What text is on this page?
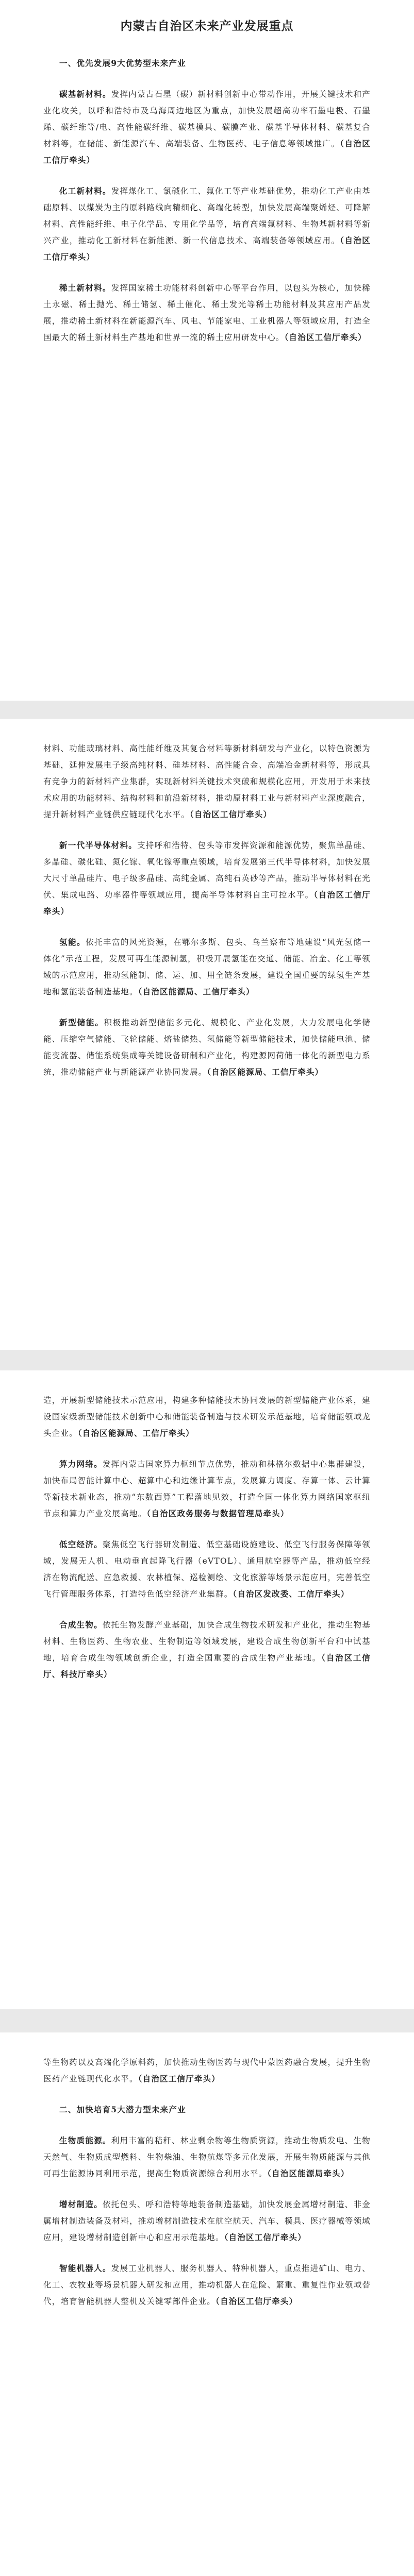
内蒙古自治区未来产业发展重点

一、优先发展9大优势型未来产业

碳基新材料。发挥内蒙古石墨（碳）新材料创新中心带动作用，开展关键技术和产业化攻关，以呼和浩特市及乌海周边地区为重点，加快发展超高功率石墨电极、石墨烯、碳纤维等/电、高性能碳纤维、碳基模具、碳膜产业、碳基半导体材料、碳基复合材料等，在储能、新能源汽车、高端装备、生物医药、电子信息等领域推广。（自治区工信厅牵头）

化工新材料。发挥煤化工、氯碱化工、氟化工等产业基础优势，推动化工产业由基础原料、以煤炭为主的原料路线向精细化、高端化转型，加快发展高端聚烯烃、可降解材料、高性能纤维、电子化学品、专用化学品等，培育高端氟材料、生物基新材料等新兴产业，推动化工新材料在新能源、新一代信息技术、高端装备等领域应用。（自治区工信厅牵头）

稀土新材料。发挥国家稀土功能材料创新中心等平台作用，以包头为核心，加快稀土永磁、稀土抛光、稀土储氢、稀土催化、稀土发光等稀土功能材料及其应用产品发展，推动稀土新材料在新能源汽车、风电、节能家电、工业机器人等领域应用，打造全国最大的稀土新材料生产基地和世界一流的稀土应用研发中心。（自治区工信厅牵头）

材料、功能玻璃材料、高性能纤维及其复合材料等新材料研发与产业化，以特色资源为基础，延伸发展电子级高纯材料、硅基材料、高性能合金、高端冶金新材料等，形成具有竞争力的新材料产业集群，实现新材料关键技术突破和规模化应用，开发用于未来技术应用的功能材料、结构材料和前沿新材料，推动原材料工业与新材料产业深度融合，提升新材料产业链供应链现代化水平。（自治区工信厅牵头）

新一代半导体材料。支持呼和浩特、包头等市发挥资源和能源优势，聚焦单晶硅、多晶硅、碳化硅、氮化镓、氧化镓等重点领域，培育发展第三代半导体材料，加快发展大尺寸单晶硅片、电子级多晶硅、高纯金属、高纯石英砂等产品，推动半导体材料在光伏、集成电路、功率器件等领域应用，提高半导体材料自主可控水平。（自治区工信厅牵头）

氢能。依托丰富的风光资源，在鄂尔多斯、包头、乌兰察布等地建设“风光氢储一体化”示范工程，发展可再生能源制氢，积极开展氢能在交通、储能、冶金、化工等领域的示范应用，推动氢能制、储、运、加、用全链条发展，建设全国重要的绿氢生产基地和氢能装备制造基地。（自治区能源局、工信厅牵头）

新型储能。积极推动新型储能多元化、规模化、产业化发展，大力发展电化学储能、压缩空气储能、飞轮储能、熔盐储热、氢储能等新型储能技术，加快储能电池、储能变流器、储能系统集成等关键设备研制和产业化，构建源网荷储一体化的新型电力系统，推动储能产业与新能源产业协同发展。（自治区能源局、工信厅牵头）

造，开展新型储能技术示范应用，构建多种储能技术协同发展的新型储能产业体系，建设国家级新型储能技术创新中心和储能装备制造与技术研发示范基地，培育储能领域龙头企业。（自治区能源局、工信厅牵头）

算力网络。发挥内蒙古国家算力枢纽节点优势，推动和林格尔数据中心集群建设，加快布局智能计算中心、超算中心和边缘计算节点，发展算力调度、存算一体、云计算等新技术新业态，推动“东数西算”工程落地见效，打造全国一体化算力网络国家枢纽节点和算力产业发展高地。（自治区政务服务与数据管理局牵头）

低空经济。聚焦低空飞行器研发制造、低空基础设施建设、低空飞行服务保障等领域，发展无人机、电动垂直起降飞行器（eVTOL）、通用航空器等产品，推动低空经济在物流配送、应急救援、农林植保、巡检测绘、文化旅游等场景示范应用，完善低空飞行管理服务体系，打造特色低空经济产业集群。（自治区发改委、工信厅牵头）

合成生物。依托生物发酵产业基础，加快合成生物技术研发和产业化，推动生物基材料、生物医药、生物农业、生物制造等领域发展，建设合成生物创新平台和中试基地，培育合成生物领域创新企业，打造全国重要的合成生物产业基地。（自治区工信厅、科技厅牵头）

等生物药以及高端化学原料药，加快推动生物医药与现代中蒙医药融合发展，提升生物医药产业链现代化水平。（自治区工信厅牵头）

二、加快培育5大潜力型未来产业

生物质能源。利用丰富的秸秆、林业剩余物等生物质资源，推动生物质发电、生物天然气、生物质成型燃料、生物柴油、生物航煤等多元化发展，开展生物质能源与其他可再生能源协同利用示范，提高生物质资源综合利用水平。（自治区能源局牵头）

增材制造。依托包头、呼和浩特等地装备制造基础，加快发展金属增材制造、非金属增材制造装备及材料，推动增材制造技术在航空航天、汽车、模具、医疗器械等领域应用，建设增材制造创新中心和应用示范基地。（自治区工信厅牵头）

智能机器人。发展工业机器人、服务机器人、特种机器人，重点推进矿山、电力、化工、农牧业等场景机器人研发和应用，推动机器人在危险、繁重、重复性作业领域替代，培育智能机器人整机及关键零部件企业。（自治区工信厅牵头）
